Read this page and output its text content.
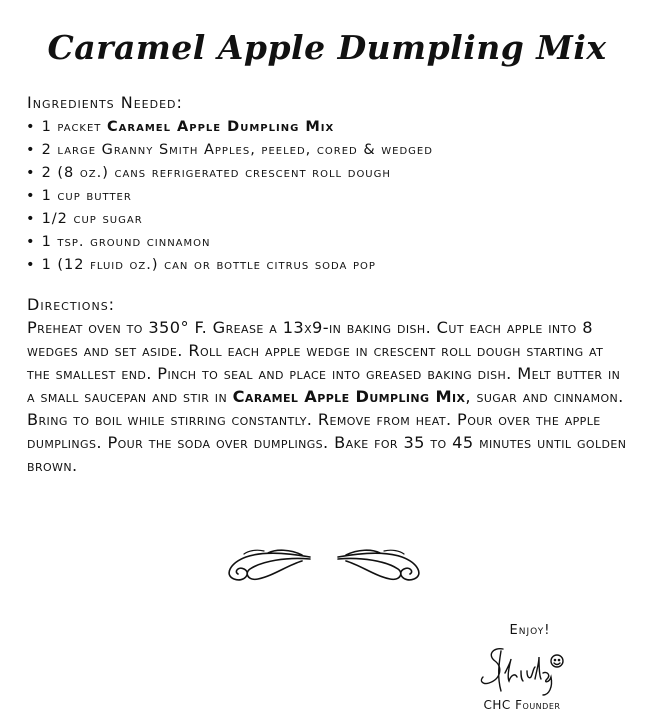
Caramel Apple Dumpling Mix
Ingredients Needed:
• 1 packet Caramel Apple Dumpling Mix
• 2 large Granny Smith Apples, peeled, cored & wedged
• 2 (8 oz.) cans refrigerated crescent roll dough
• 1 cup butter
• 1/2 cup sugar
• 1 tsp. ground cinnamon
• 1 (12 fluid oz.) can or bottle citrus soda pop
Directions:
Preheat oven to 350° F. Grease a 13x9-in baking dish. Cut each apple into 8 wedges and set aside. Roll each apple wedge in crescent roll dough starting at the smallest end. Pinch to seal and place into greased baking dish. Melt butter in a small saucepan and stir in Caramel Apple Dumpling Mix, sugar and cinnamon. Bring to boil while stirring constantly. Remove from heat. Pour over the apple dumplings. Pour the soda over dumplings. Bake for 35 to 45 minutes until golden brown.
Enjoy!
CHC Founder
